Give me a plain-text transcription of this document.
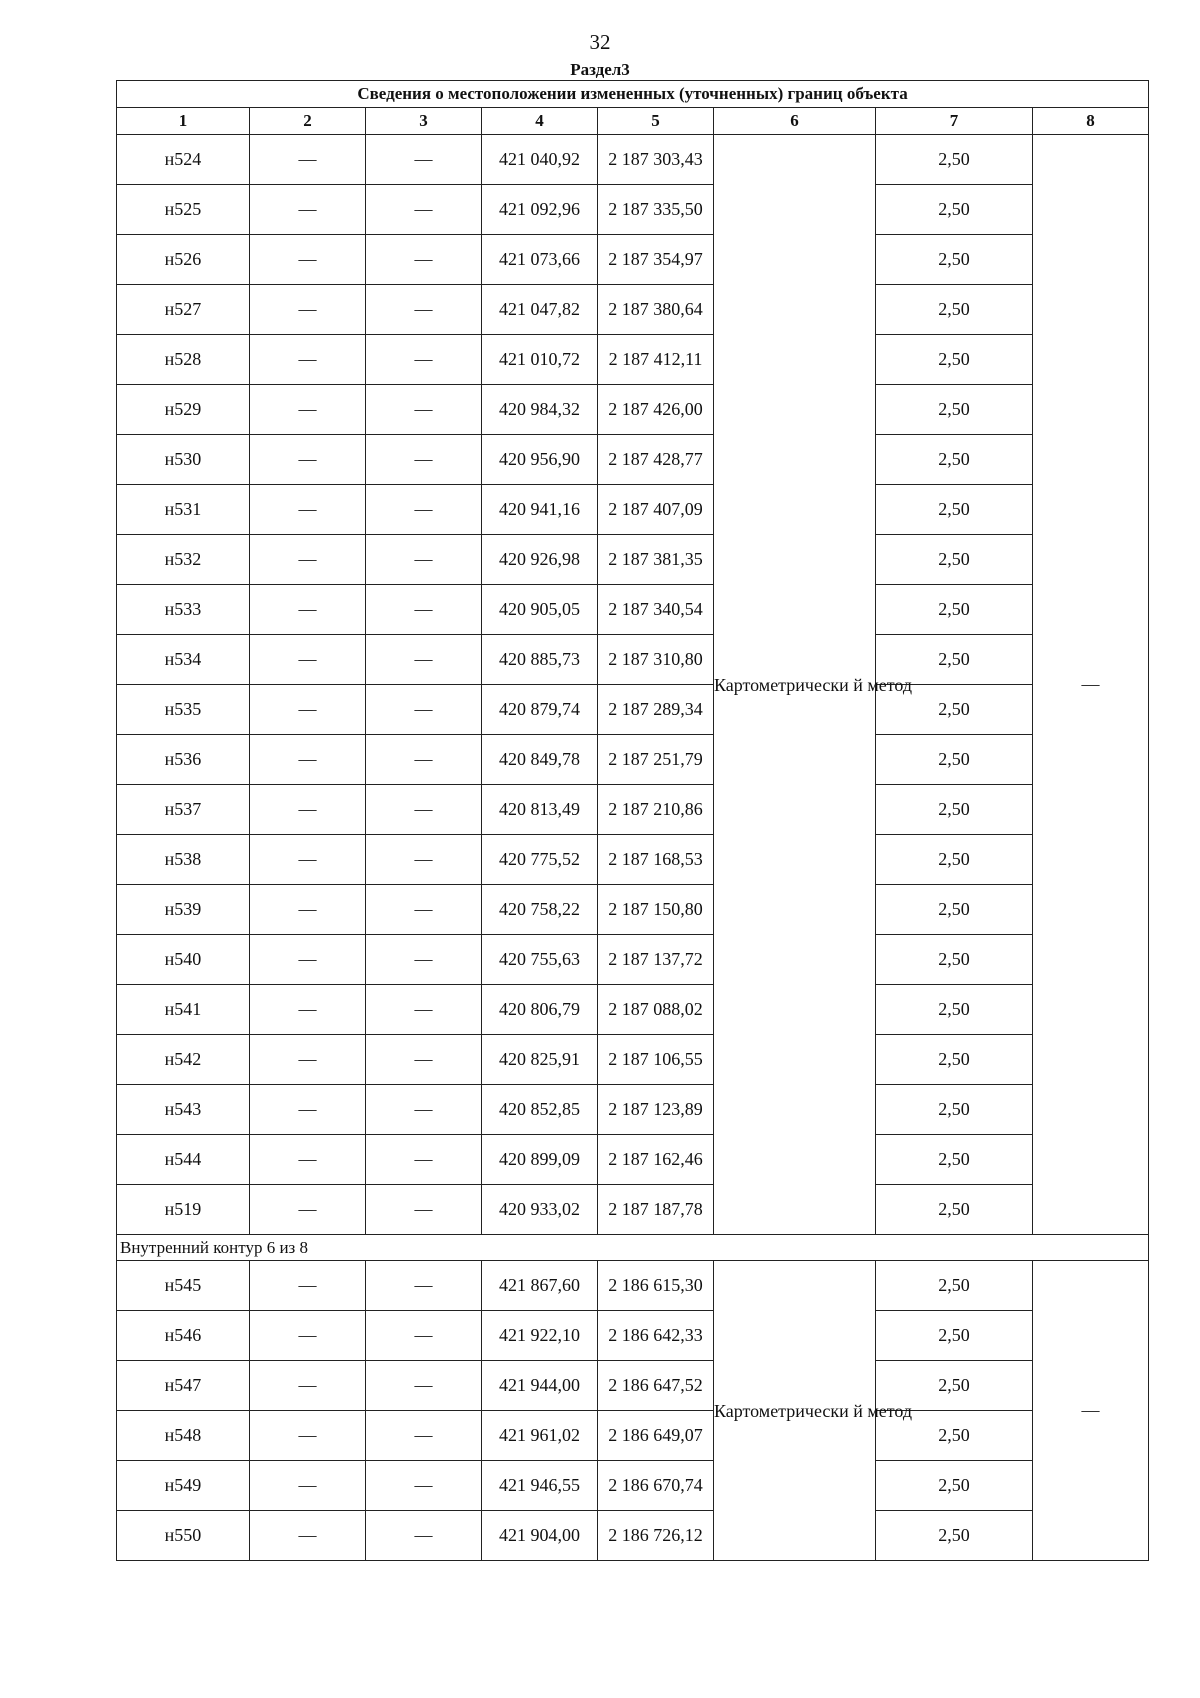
32
Раздел3
Сведения о местоположении измененных (уточненных) границ объекта							
1	2	3	4	5	6	7	8
н524	—	—	421 040,92	2 187 303,43	Картометрически й метод	2,50	—
н525	—	—	421 092,96	2 187 335,50		2,50	
н526	—	—	421 073,66	2 187 354,97		2,50	
н527	—	—	421 047,82	2 187 380,64		2,50	
н528	—	—	421 010,72	2 187 412,11		2,50	
н529	—	—	420 984,32	2 187 426,00		2,50	
н530	—	—	420 956,90	2 187 428,77		2,50	
н531	—	—	420 941,16	2 187 407,09		2,50	
н532	—	—	420 926,98	2 187 381,35		2,50	
н533	—	—	420 905,05	2 187 340,54		2,50	
н534	—	—	420 885,73	2 187 310,80		2,50	
н535	—	—	420 879,74	2 187 289,34		2,50	
н536	—	—	420 849,78	2 187 251,79		2,50	
н537	—	—	420 813,49	2 187 210,86		2,50	
н538	—	—	420 775,52	2 187 168,53		2,50	
н539	—	—	420 758,22	2 187 150,80		2,50	
н540	—	—	420 755,63	2 187 137,72		2,50	
н541	—	—	420 806,79	2 187 088,02		2,50	
н542	—	—	420 825,91	2 187 106,55		2,50	
н543	—	—	420 852,85	2 187 123,89		2,50	
н544	—	—	420 899,09	2 187 162,46		2,50	
н519	—	—	420 933,02	2 187 187,78		2,50	
Внутренний контур 6 из 8							
н545	—	—	421 867,60	2 186 615,30	Картометрически й метод	2,50	—
н546	—	—	421 922,10	2 186 642,33		2,50	
н547	—	—	421 944,00	2 186 647,52		2,50	
н548	—	—	421 961,02	2 186 649,07		2,50	
н549	—	—	421 946,55	2 186 670,74		2,50	
н550	—	—	421 904,00	2 186 726,12		2,50	
